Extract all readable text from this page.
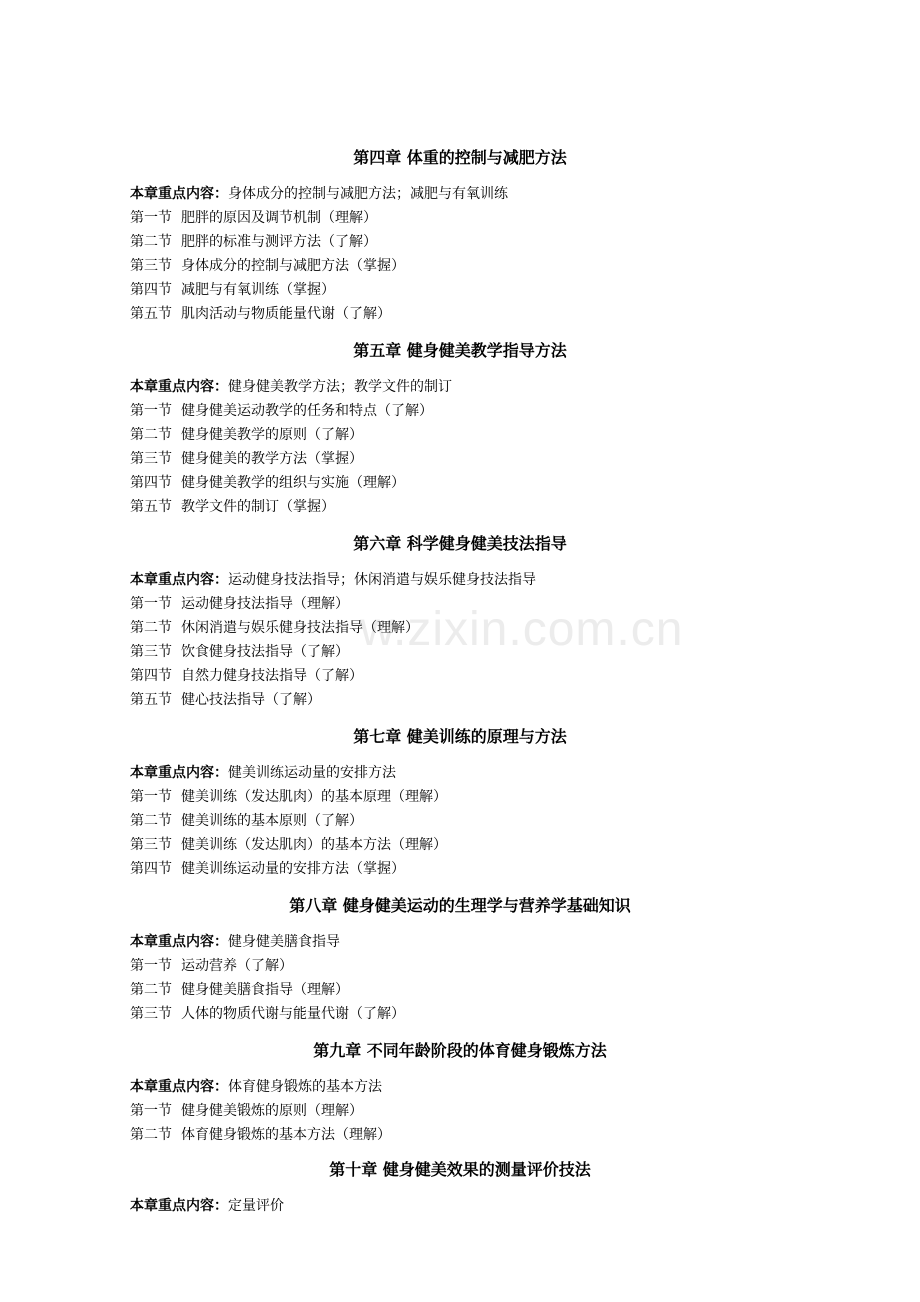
w.zixin.com.cn
第四章 体重的控制与减肥方法
本章重点内容：身体成分的控制与减肥方法；减肥与有氧训练
第一节 肥胖的原因及调节机制（理解）
第二节 肥胖的标准与测评方法（了解）
第三节 身体成分的控制与减肥方法（掌握）
第四节 减肥与有氧训练（掌握）
第五节 肌肉活动与物质能量代谢（了解）
第五章 健身健美教学指导方法
本章重点内容：健身健美教学方法；教学文件的制订
第一节 健身健美运动教学的任务和特点（了解）
第二节 健身健美教学的原则（了解）
第三节 健身健美的教学方法（掌握）
第四节 健身健美教学的组织与实施（理解）
第五节 教学文件的制订（掌握）
第六章 科学健身健美技法指导
本章重点内容：运动健身技法指导；休闲消遣与娱乐健身技法指导
第一节 运动健身技法指导（理解）
第二节 休闲消遣与娱乐健身技法指导（理解）
第三节 饮食健身技法指导（了解）
第四节 自然力健身技法指导（了解）
第五节 健心技法指导（了解）
第七章 健美训练的原理与方法
本章重点内容：健美训练运动量的安排方法
第一节 健美训练（发达肌肉）的基本原理（理解）
第二节 健美训练的基本原则（了解）
第三节 健美训练（发达肌肉）的基本方法（理解）
第四节 健美训练运动量的安排方法（掌握）
第八章 健身健美运动的生理学与营养学基础知识
本章重点内容：健身健美膳食指导
第一节 运动营养（了解）
第二节 健身健美膳食指导（理解）
第三节 人体的物质代谢与能量代谢（了解）
第九章 不同年龄阶段的体育健身锻炼方法
本章重点内容：体育健身锻炼的基本方法
第一节 健身健美锻炼的原则（理解）
第二节 体育健身锻炼的基本方法（理解）
第十章 健身健美效果的测量评价技法
本章重点内容：定量评价
